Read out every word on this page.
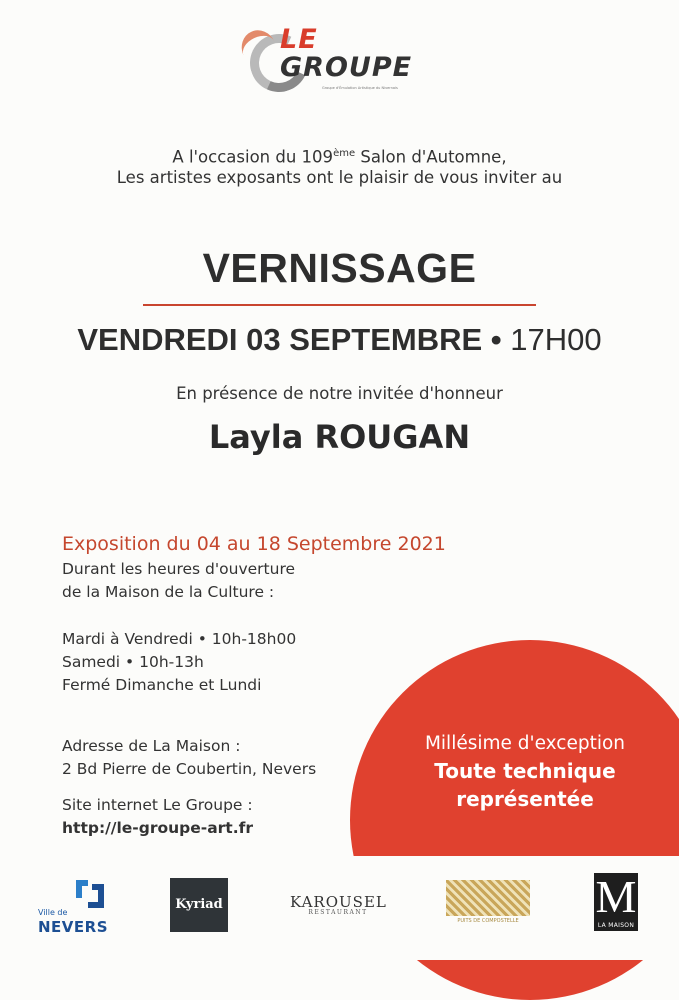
LE
GROUPE
Groupe d'Émulation Artistique du Nivernais
A l'occasion du 109ème Salon d'Automne,
Les artistes exposants ont le plaisir de vous inviter au
VERNISSAGE
VENDREDI 03 SEPTEMBRE • 17H00
En présence de notre invitée d'honneur
Layla ROUGAN
Millésime d'exception
Toute technique
représentée
Exposition du 04 au 18 Septembre 2021
Durant les heures d'ouverture
de la Maison de la Culture :
Mardi à Vendredi • 10h-18h00
Samedi • 10h-13h
Fermé Dimanche et Lundi
Adresse de La Maison :
2 Bd Pierre de Coubertin, Nevers
Site internet Le Groupe :
http://le-groupe-art.fr
Ville de
NEVERS
Kyriad	KAROUSEL
RESTAURANT
PUITS DE COMPOSTELLE M
LA MAISON
